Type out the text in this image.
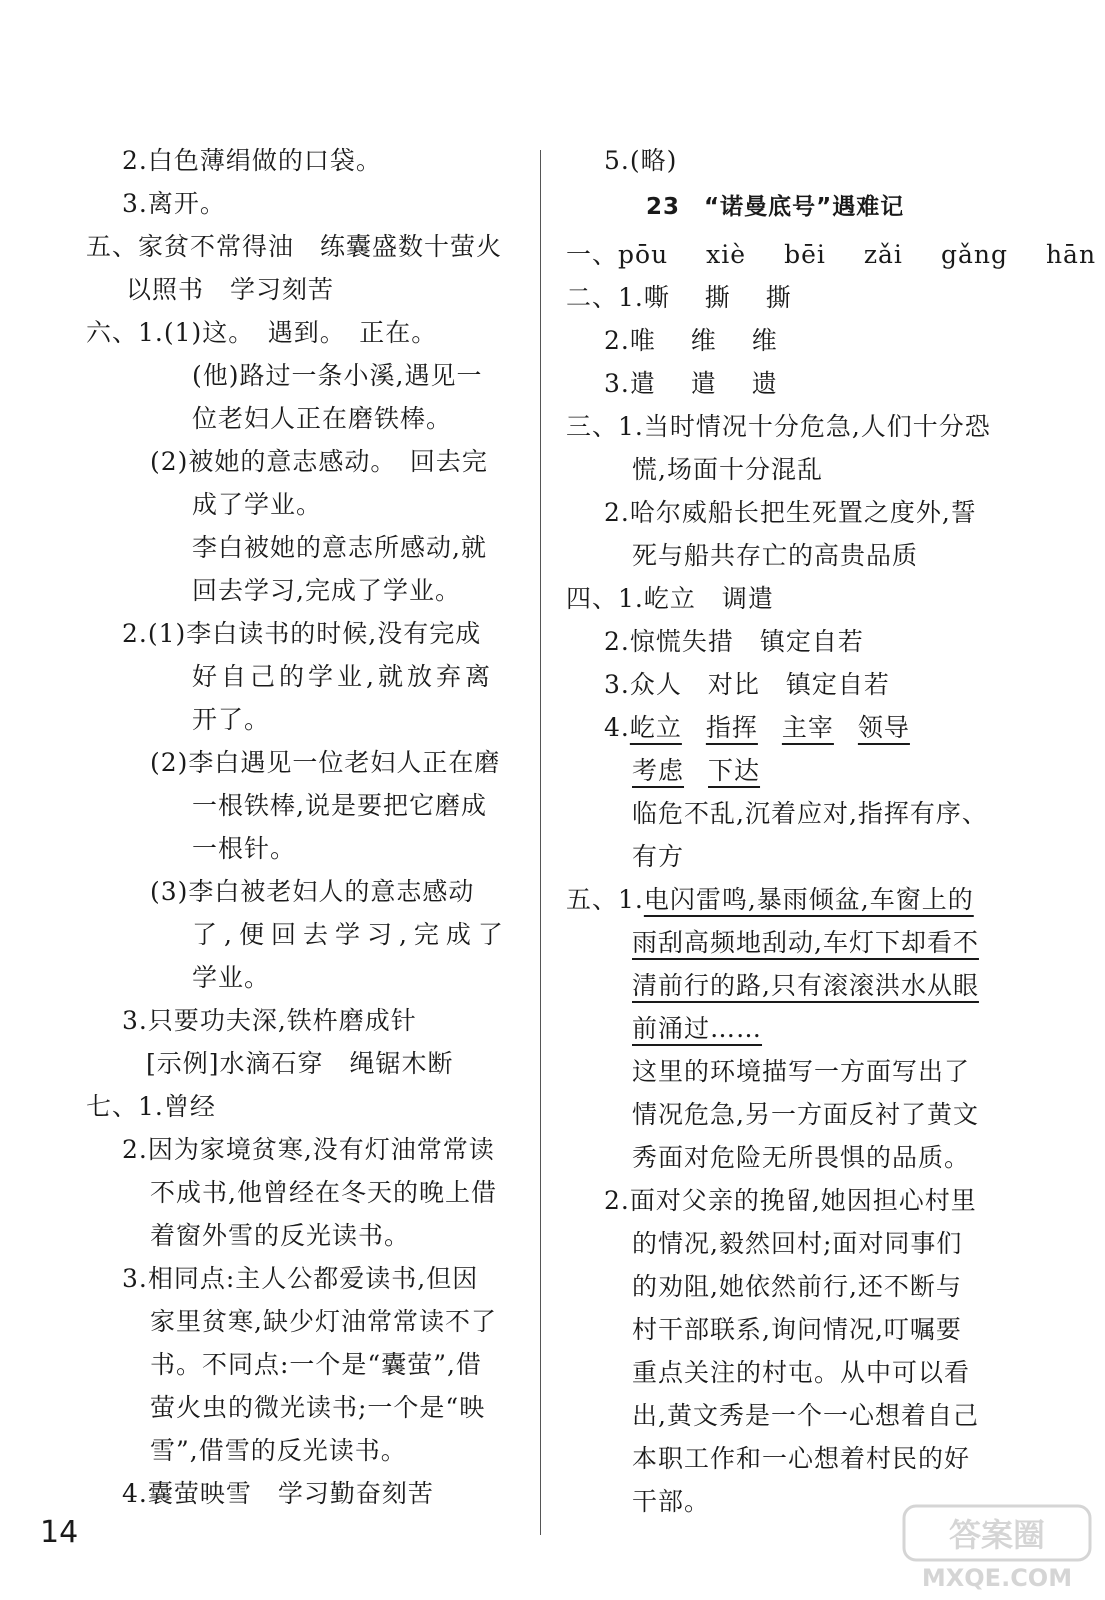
2.白色薄绢做的口袋。
3.离开。
五、家贫不常得油　练囊盛数十萤火
以照书　学习刻苦
六、1.(1)这。　遇到。　正在。
(他)路过一条小溪,遇见一
位老妇人正在磨铁棒。
(2)被她的意志感动。　回去完
成了学业。
李白被她的意志所感动,就
回去学习,完成了学业。
2.(1)李白读书的时候,没有完成
好自己的学业,就放弃离
开了。
(2)李白遇见一位老妇人正在磨
一根铁棒,说是要把它磨成
一根针。
(3)李白被老妇人的意志感动
了,便回去学习,完成了
学业。
3.只要功夫深,铁杵磨成针
[示例]水滴石穿　绳锯木断
七、1.曾经
2.因为家境贫寒,没有灯油常常读
不成书,他曾经在冬天的晚上借
着窗外雪的反光读书。
3.相同点:主人公都爱读书,但因
家里贫寒,缺少灯油常常读不了
书。不同点:一个是“囊萤”,借
萤火虫的微光读书;一个是“映
雪”,借雪的反光读书。
4.囊萤映雪　学习勤奋刻苦
5.(略)
23　“诺曼底号”遇难记
一、pōu xiè bēi zǎi gǎng hān
二、1.嘶　 撕　 撕
2.唯　 维　 维
3.遣　 遣　 遗
三、1.当时情况十分危急,人们十分恐
慌,场面十分混乱
2.哈尔威船长把生死置之度外,誓
死与船共存亡的高贵品质
四、1.屹立　调遣
2.惊慌失措　镇定自若
3.众人　对比　镇定自若
4.屹立 指挥 主宰 领导
考虑 下达
临危不乱,沉着应对,指挥有序、
有方
五、1.电闪雷鸣,暴雨倾盆,车窗上的
雨刮高频地刮动,车灯下却看不
清前行的路,只有滚滚洪水从眼
前涌过……
这里的环境描写一方面写出了
情况危急,另一方面反衬了黄文
秀面对危险无所畏惧的品质。
2.面对父亲的挽留,她因担心村里
的情况,毅然回村;面对同事们
的劝阻,她依然前行,还不断与
村干部联系,询问情况,叮嘱要
重点关注的村屯。从中可以看
出,黄文秀是一个一心想着自己
本职工作和一心想着村民的好
干部。
14	答案圈
MXQE.COM
